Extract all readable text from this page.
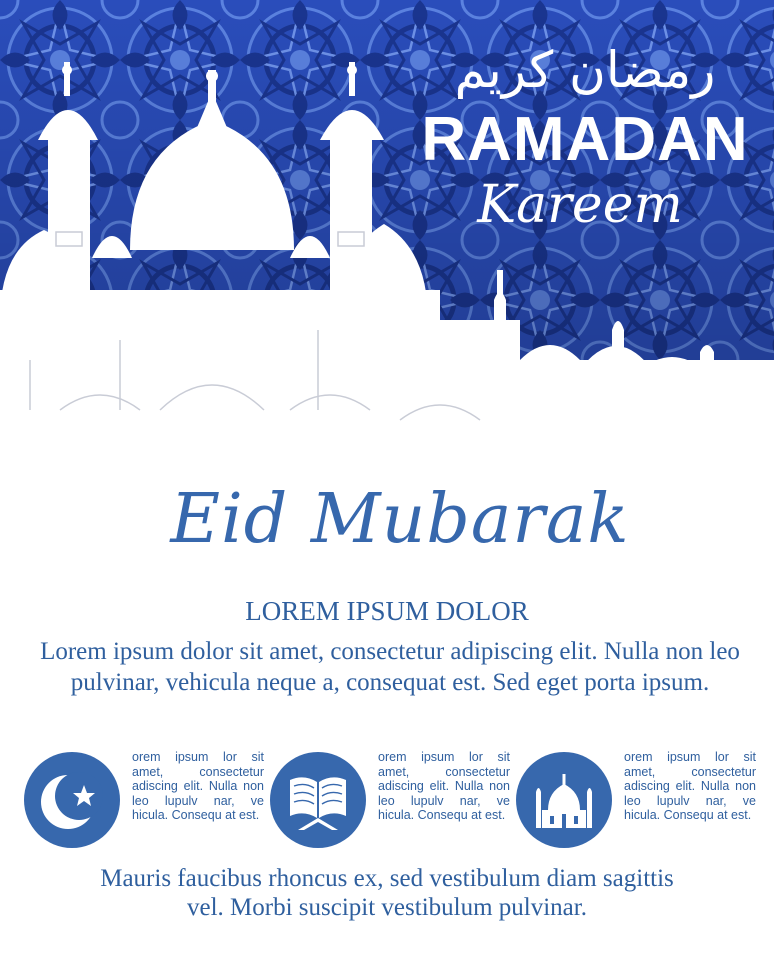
رمضان كريم
RAMADAN
Kareem
Eid Mubarak
LOREM IPSUM DOLOR
Lorem ipsum dolor sit amet, consectetur adipiscing elit. Nulla non leo pulvinar, vehicula neque a, consequat est. Sed eget porta ipsum.
orem ipsum lor sit amet, consectetur adiscing elit. Nulla non leo lupulv nar, ve hicula. Consequ at est.
orem ipsum lor sit amet, consectetur adiscing elit. Nulla non leo lupulv nar, ve hicula. Consequ at est.
orem ipsum lor sit amet, consectetur adiscing elit. Nulla non leo lupulv nar, ve hicula. Consequ at est.
Mauris faucibus rhoncus ex, sed vestibulum diam sagittis vel. Morbi suscipit vestibulum pulvinar.
